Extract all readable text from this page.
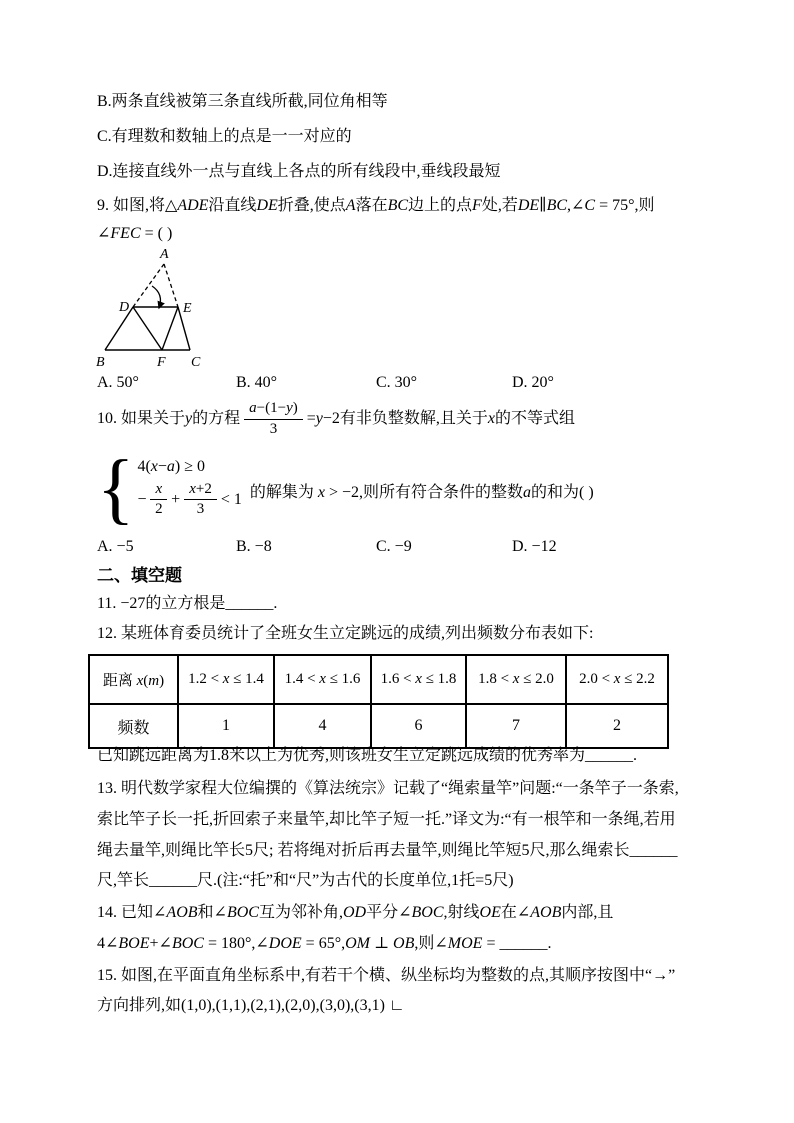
B.两条直线被第三条直线所截,同位角相等
C.有理数和数轴上的点是一一对应的
D.连接直线外一点与直线上各点的所有线段中,垂线段最短
9. 如图,将△ADE沿直线DE折叠,使点A落在BC边上的点F处,若DE∥BC,∠C = 75°,则
∠FEC = ( )
A
D	E
B	F C
A. 50°	B. 40°	C. 30°	D. 20°
10. 如果关于 y 的方程 $\frac{a-(1-y)}{3} = y -2$有非负整数解,且关于 x 的不等式组
{ 4( x − a ) ≥ 0
− $\frac{x}{2} + \frac{x+2}{3} < 1$ 的解集为 x > −2,则所有符合条件的整数a的和为( )
A. −5	B. −8	C. −9	D. −12
二、填空题
11. −27的立方根是______.
12. 某班体育委员统计了全班女生立定跳远的成绩,列出频数分布表如下:
距离 x(m)	1.2 < x ≤ 1.4	1.4 < x ≤ 1.6	1.6 < x ≤ 1.8	1.8 < x ≤ 2.0	2.0 < x ≤ 2.2
频数	1	4	6	7	2
已知跳远距离为1.8米以上为优秀,则该班女生立定跳远成绩的优秀率为______.
13. 明代数学家程大位编撰的《算法统宗》记载了“绳索量竿”问题:“一条竿子一条索,
索比竿子长一托,折回索子来量竿,却比竿子短一托.”译文为:“有一根竿和一条绳,若用
绳去量竿,则绳比竿长5尺; 若将绳对折后再去量竿,则绳比竿短5尺,那么绳索长______
尺,竿长______尺.(注:“托”和“尺”为古代的长度单位,1托=5尺)
14. 已知∠AOB和∠BOC互为邻补角,OD平分∠BOC,射线OE在∠AOB内部,且
4∠BOE+∠BOC = 180°,∠DOE = 65°,OM ⊥ OB,则∠MOE = ______.
15. 如图,在平面直角坐标系中,有若干个横、纵坐标均为整数的点,其顺序按图中“→”
方向排列,如(1,0),(1,1),(2,1),(2,0),(3,0),(3,1) ∟
